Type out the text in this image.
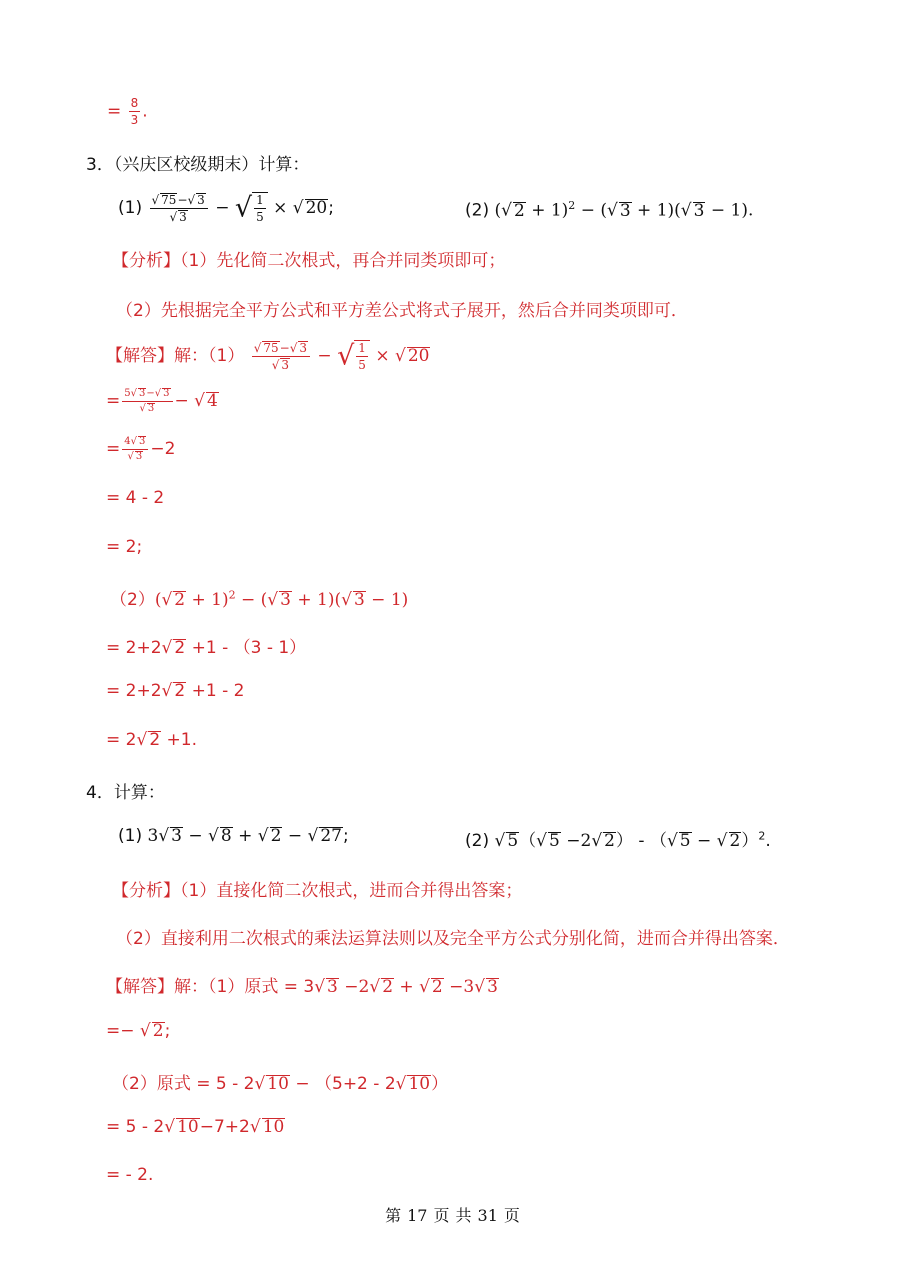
= $\frac{8}{3}$ .
3．（兴庆区校级期末）计算：
$(1) \frac{√ 75-√ 3}{√ 3}$ − √ $\frac{1}{5}$ × √ 20;	(2) (√ 2 + 1)$^2$ − (√ 3 + 1)(√ 3 − 1).
【分析】（1）先化简二次根式，再合并同类项即可；
（2）先根据完全平方公式和平方差公式将式子展开，然后合并同类项即可．
【解答】解：$(1) \frac{√ 75-√ 3}{√ 3}$ − √ $\frac{1}{5}$ × √ 20
= $\frac{5√ 3-√ 3}{√ 3}$ − √ 4
= $\frac{4√ 3}{√ 3} -2$
= 4 - 2
= 2;
（2）(√ 2 + 1)$^2$ − (√ 3 + 1)(√ 3 − 1)
= 2+2√ 2 +1 - （3 - 1）
= 2+2√ 2 +1 - 2
= 2√ 2 +1.
4．计算：
(1) 3√ 3 − √ 8 + √ 2 − √ 27;	(2) √ 5（√ 5 −2√ 2） - （√ 5 − √ 2）$^2$.
【分析】（1）直接化简二次根式，进而合并得出答案；
（2）直接利用二次根式的乘法运算法则以及完全平方公式分别化简，进而合并得出答案．
【解答】解：（1）原式 = 3√ 3 −2√ 2 + √ 2 −3√ 3
=− √ 2;
（2）原式 = 5 - 2√ 10 − （5+2 - 2√ 10）
= 5 - 2√ 10−7+2√ 10
= - 2.
第 17 页 共 31 页
